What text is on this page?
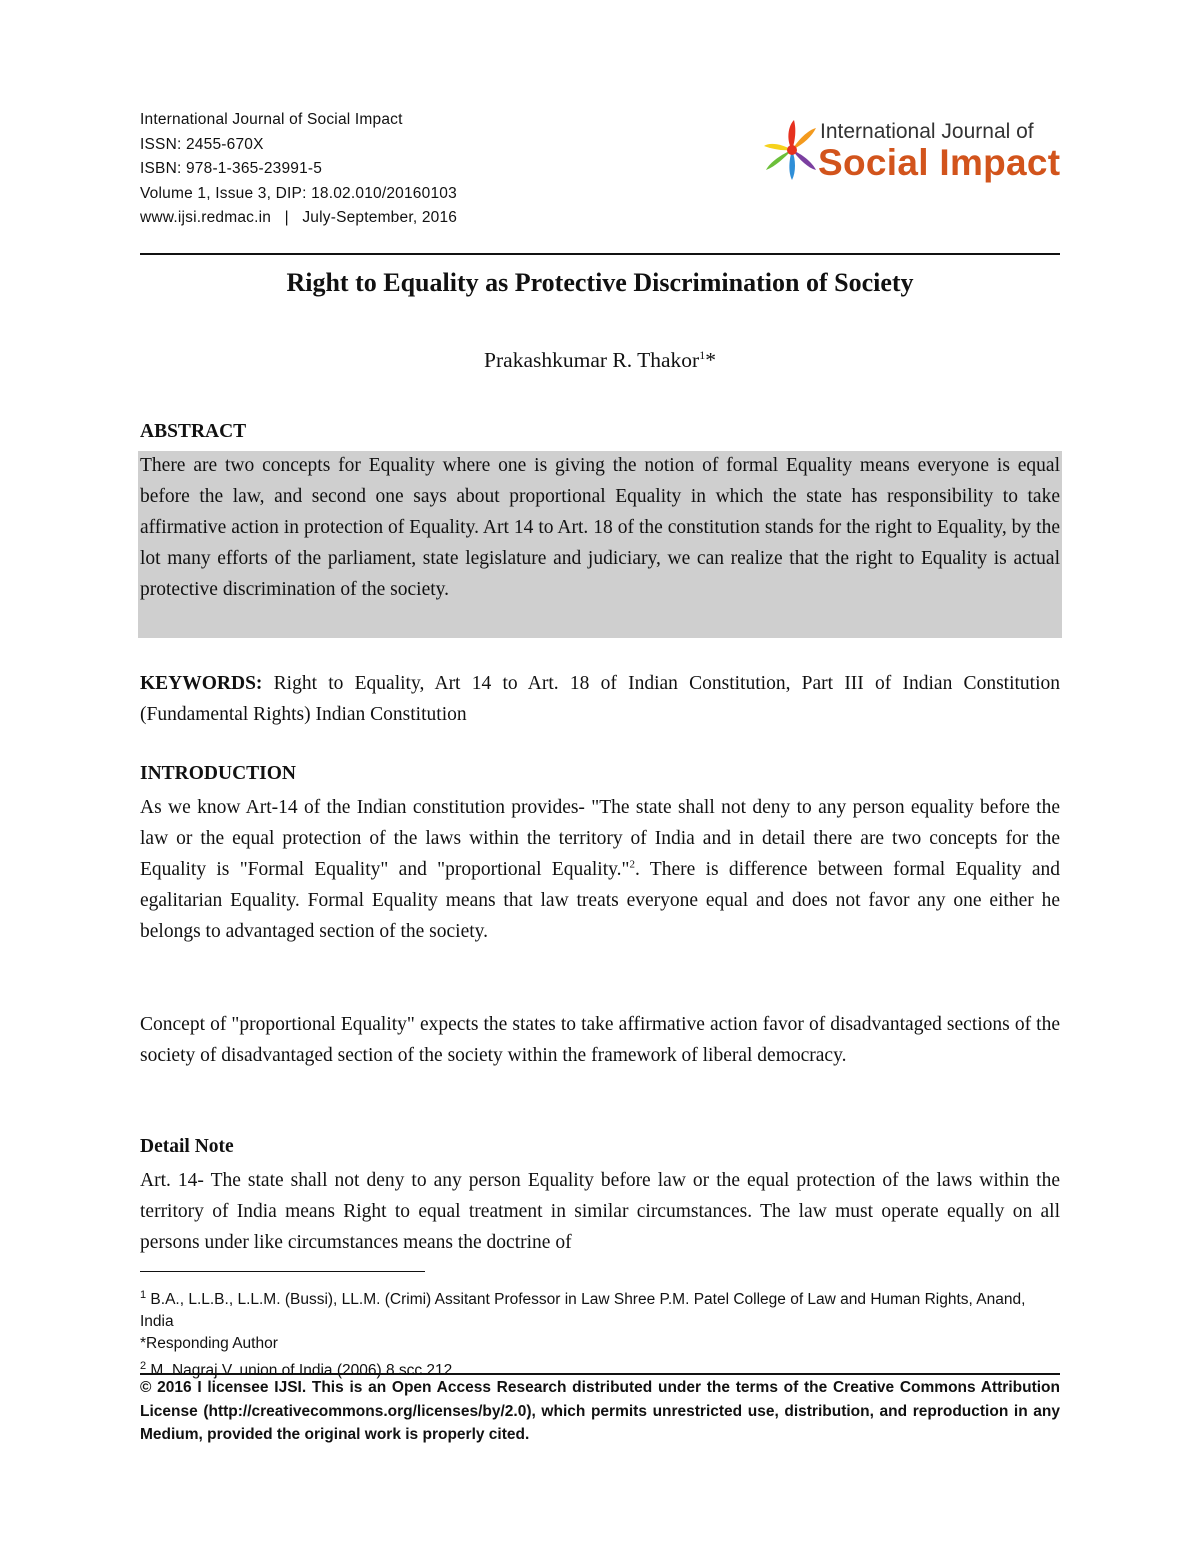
International Journal of Social Impact
ISSN: 2455-670X
ISBN: 978-1-365-23991-5
Volume 1, Issue 3, DIP: 18.02.010/20160103
www.ijsi.redmac.in   |   July-September, 2016
International Journal of
Social Impact
Right to Equality as Protective Discrimination of Society
Prakashkumar R. Thakor$^1$*
ABSTRACT
There are two concepts for Equality where one is giving the notion of formal Equality means everyone is equal before the law, and second one says about proportional Equality in which the state has responsibility to take affirmative action in protection of Equality. Art 14 to Art. 18 of the constitution stands for the right to Equality, by the lot many efforts of the parliament, state legislature and judiciary, we can realize that the right to Equality is actual protective discrimination of the society.
KEYWORDS: Right to Equality, Art 14 to Art. 18 of Indian Constitution, Part III of Indian Constitution (Fundamental Rights) Indian Constitution
INTRODUCTION
As we know Art-14 of the Indian constitution provides- "The state shall not deny to any person equality before the law or the equal protection of the laws within the territory of India and in detail there are two concepts for the Equality is "Formal Equality" and "proportional Equality."$^2$. There is difference between formal Equality and egalitarian Equality. Formal Equality means that law treats everyone equal and does not favor any one either he belongs to advantaged section of the society.
Concept of "proportional Equality" expects the states to take affirmative action favor of disadvantaged sections of the society of disadvantaged section of the society within the framework of liberal democracy.
Detail Note
Art. 14- The state shall not deny to any person Equality before law or the equal protection of the laws within the territory of India means Right to equal treatment in similar circumstances. The law must operate equally on all persons under like circumstances means the doctrine of
$^1$ B.A., L.L.B., L.L.M. (Bussi), LL.M. (Crimi) Assitant Professor in Law Shree P.M. Patel College of Law and Human Rights, Anand, India
*Responding Author
$^2$ M. Nagraj V. union of India (2006) 8 scc 212
© 2016 I licensee IJSI. This is an Open Access Research distributed under the terms of the Creative Commons Attribution License (http://creativecommons.org/licenses/by/2.0), which permits unrestricted use, distribution, and reproduction in any Medium, provided the original work is properly cited.
